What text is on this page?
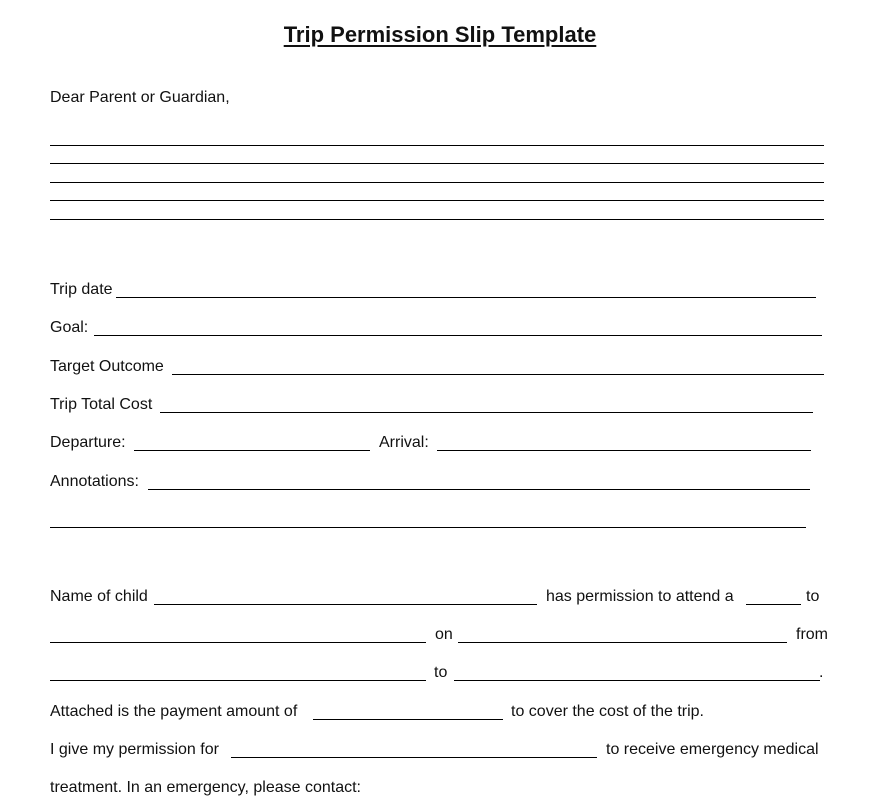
Trip Permission Slip Template
Dear Parent or Guardian,
Trip date
Goal:
Target Outcome
Trip Total Cost
Departure:	Arrival:
Annotations:
Name of child	has permission to attend a	to
on	from
to	.
Attached is the payment amount of	to cover the cost of the trip.
I give my permission for	to receive emergency medical
treatment. In an emergency, please contact:
